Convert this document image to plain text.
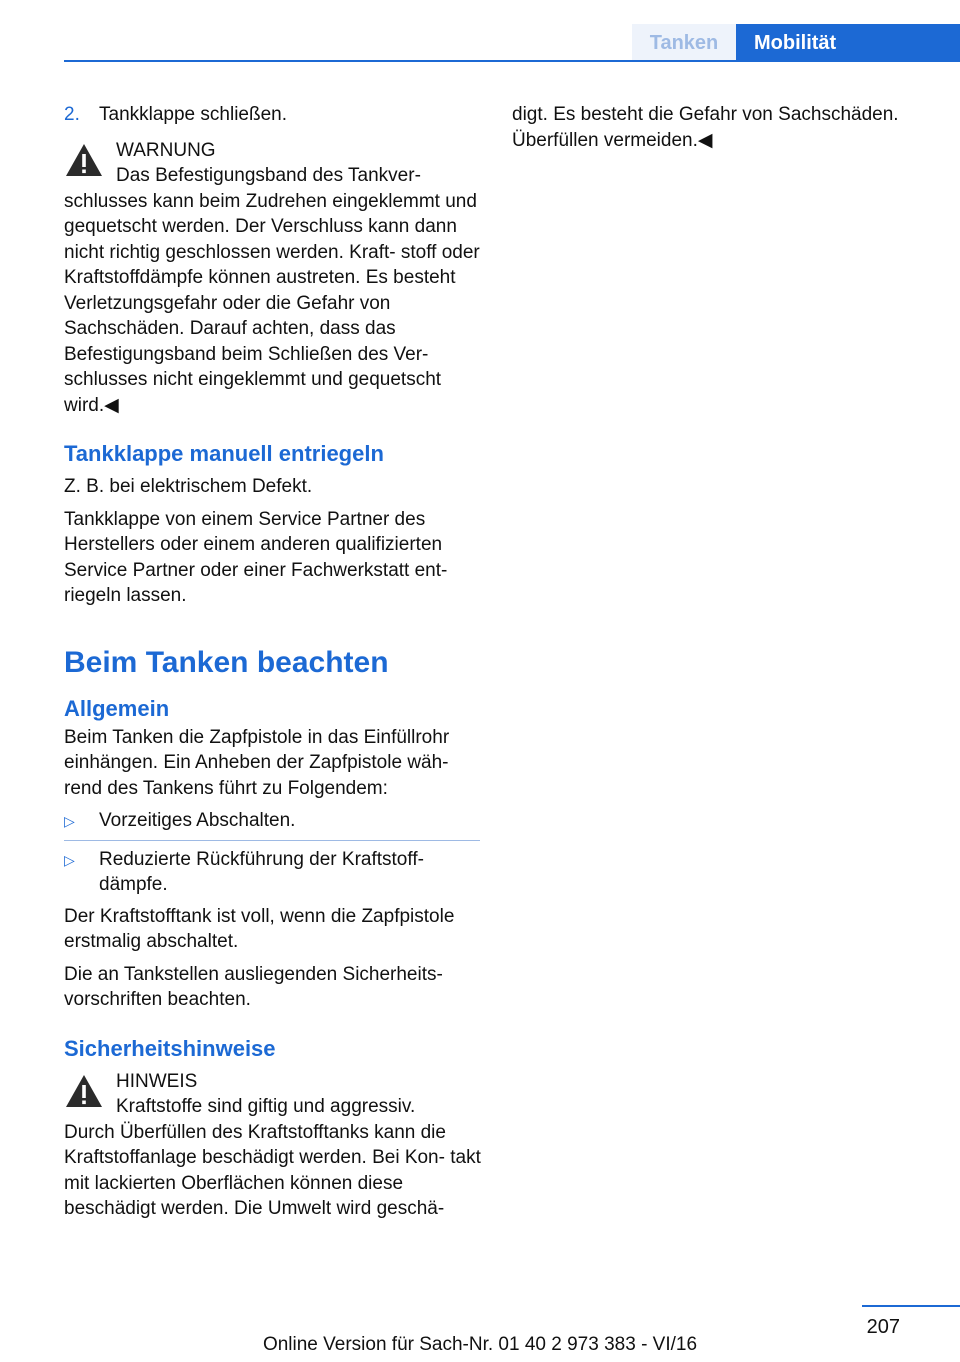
Tanken	Mobilität
2. Tankklappe schließen.
WARNUNG
Das Befestigungsband des Tankver‐
schlusses kann beim Zudrehen eingeklemmt und gequetscht werden. Der Verschluss kann dann nicht richtig geschlossen werden. Kraft‐ stoff oder Kraftstoffdämpfe können austreten. Es besteht Verletzungsgefahr oder die Gefahr von Sachschäden. Darauf achten, dass das Befestigungsband beim Schließen des Ver‐ schlusses nicht eingeklemmt und gequetscht wird.◀
Tankklappe manuell entriegeln

Z. B. bei elektrischem Defekt.

Tankklappe von einem Service Partner des Herstellers oder einem anderen qualifizierten Service Partner oder einer Fachwerkstatt ent‐ riegeln lassen.

Beim Tanken beachten
Allgemein

Beim Tanken die Zapfpistole in das Einfüllrohr einhängen. Ein Anheben der Zapfpistole wäh‐ rend des Tankens führt zu Folgendem:

▷ Vorzeitiges Abschalten.
▷ Reduzierte Rückführung der Kraftstoff‐ dämpfe.

Der Kraftstofftank ist voll, wenn die Zapfpistole erstmalig abschaltet.

Die an Tankstellen ausliegenden Sicherheits‐ vorschriften beachten.

Sicherheitshinweise
HINWEIS
Kraftstoffe sind giftig und aggressiv.
Durch Überfüllen des Kraftstofftanks kann die Kraftstoffanlage beschädigt werden. Bei Kon‐ takt mit lackierten Oberflächen können diese beschädigt werden. Die Umwelt wird geschä‐

digt. Es besteht die Gefahr von Sachschäden. Überfüllen vermeiden.◀

207
Online Version für Sach-Nr. 01 40 2 973 383 - VI/16
